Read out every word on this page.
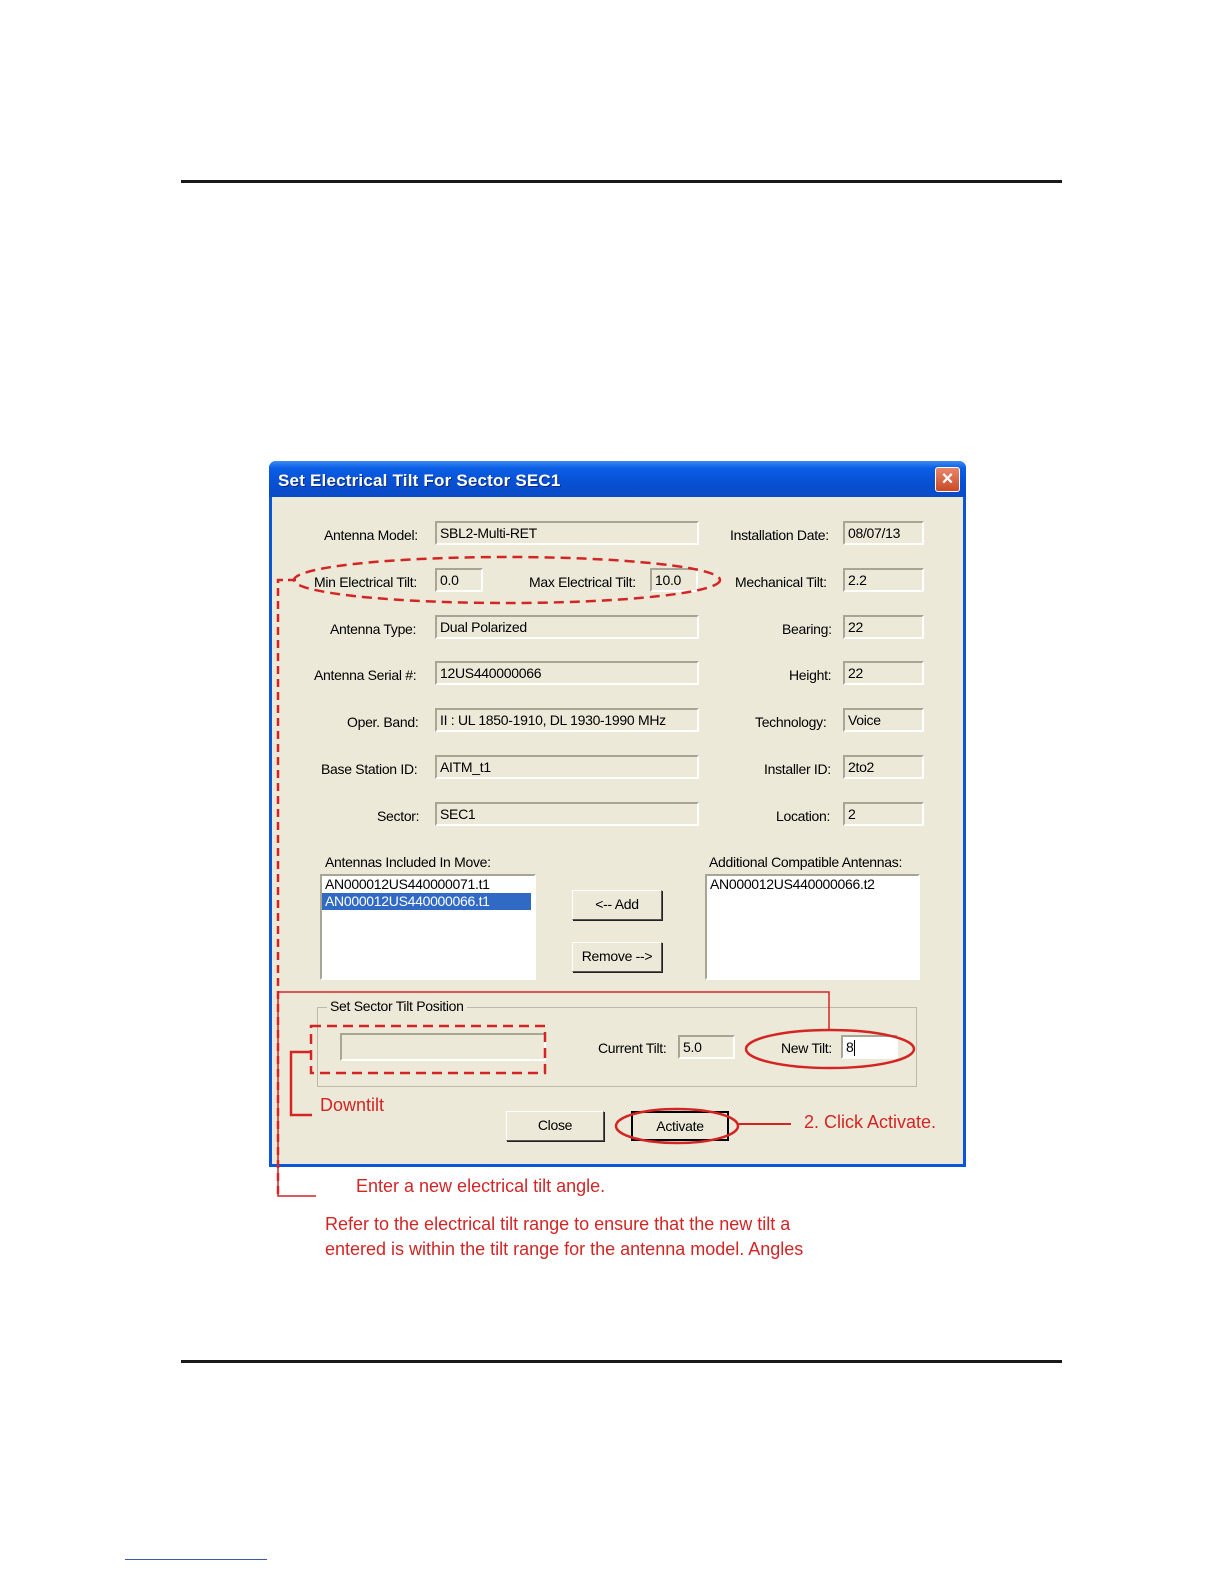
Set Electrical Tilt For Sector SEC1	×
Antenna Model:	SBL2-Multi-RET
Min Electrical Tilt:	0.0	Max Electrical Tilt:	10.0
Antenna Type:	Dual Polarized
Antenna Serial #:	12US440000066
Oper. Band:	II : UL 1850-1910, DL 1930-1990 MHz
Base Station ID:	AITM_t1
Sector:	SEC1
Installation Date:	08/07/13
Mechanical Tilt:	2.2
Bearing:	22
Height:	22
Technology:	Voice
Installer ID:	2to2
Location:	2
Antennas Included In Move:
AN000012US440000071.t1
AN000012US440000066.t1	<-- Add
Remove -->
Additional Compatible Antennas:
AN000012US440000066.t2
Set Sector Tilt Position
Current Tilt:	5.0	New Tilt:	8
Close	Activate
Downtilt
2. Click Activate.
Enter a new electrical tilt angle.
Refer to the electrical tilt range to ensure that the new tilt a
entered is within the tilt range for the antenna model. Angles
